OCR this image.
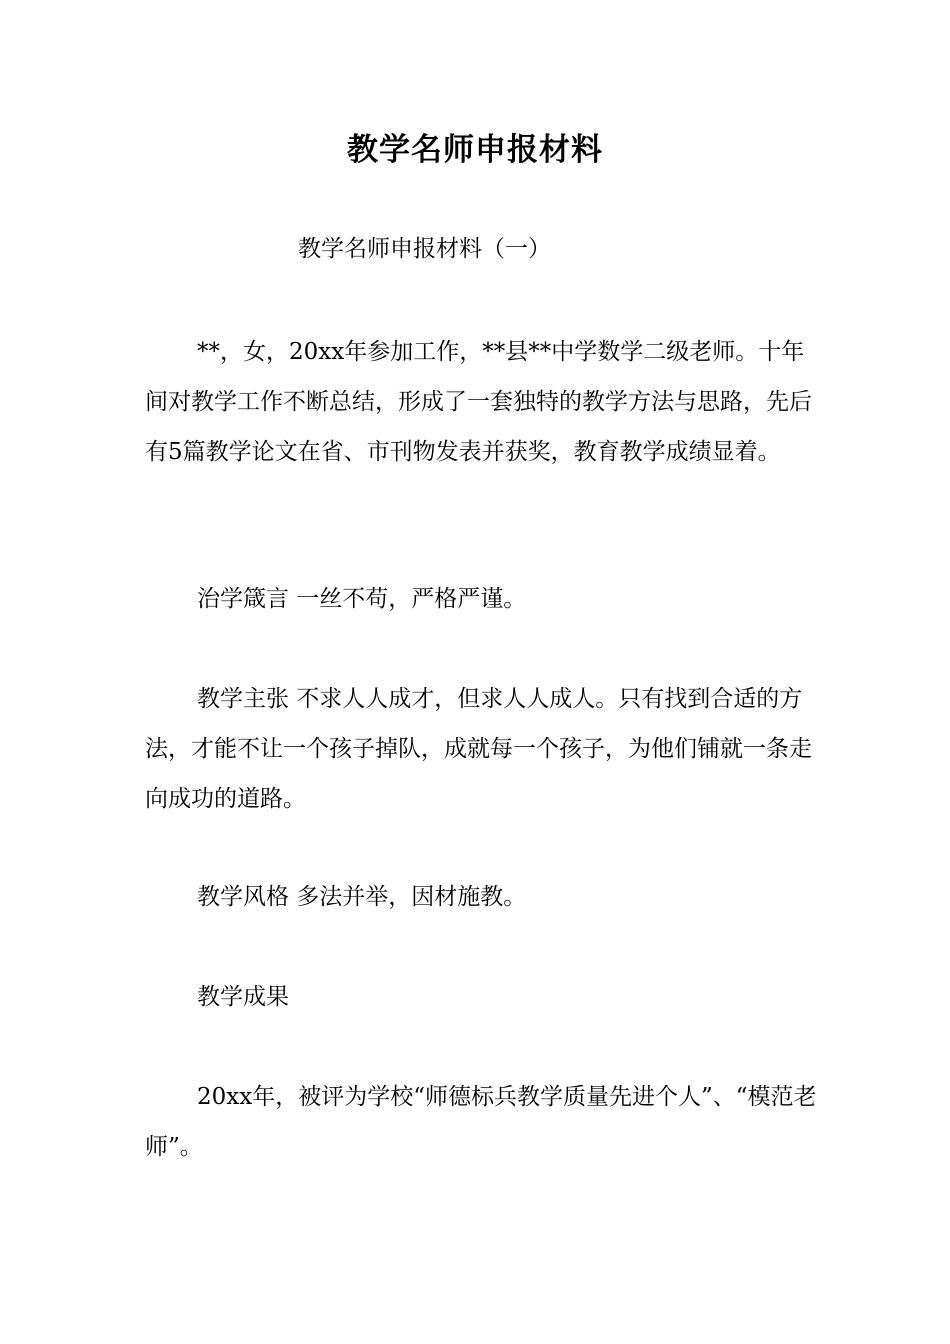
教学名师申报材料
教学名师申报材料（一）

**，女，20xx年参加工作，**县**中学数学二级老师。十年间对教学工作不断总结，形成了一套独特的教学方法与思路，先后有5篇教学论文在省、市刊物发表并获奖，教育教学成绩显着。

治学箴言 一丝不苟，严格严谨。

教学主张 不求人人成才，但求人人成人。只有找到合适的方法，才能不让一个孩子掉队，成就每一个孩子，为他们铺就一条走向成功的道路。

教学风格 多法并举，因材施教。

教学成果

20xx年，被评为学校“师德标兵教学质量先进个人”、“模范老师”。
